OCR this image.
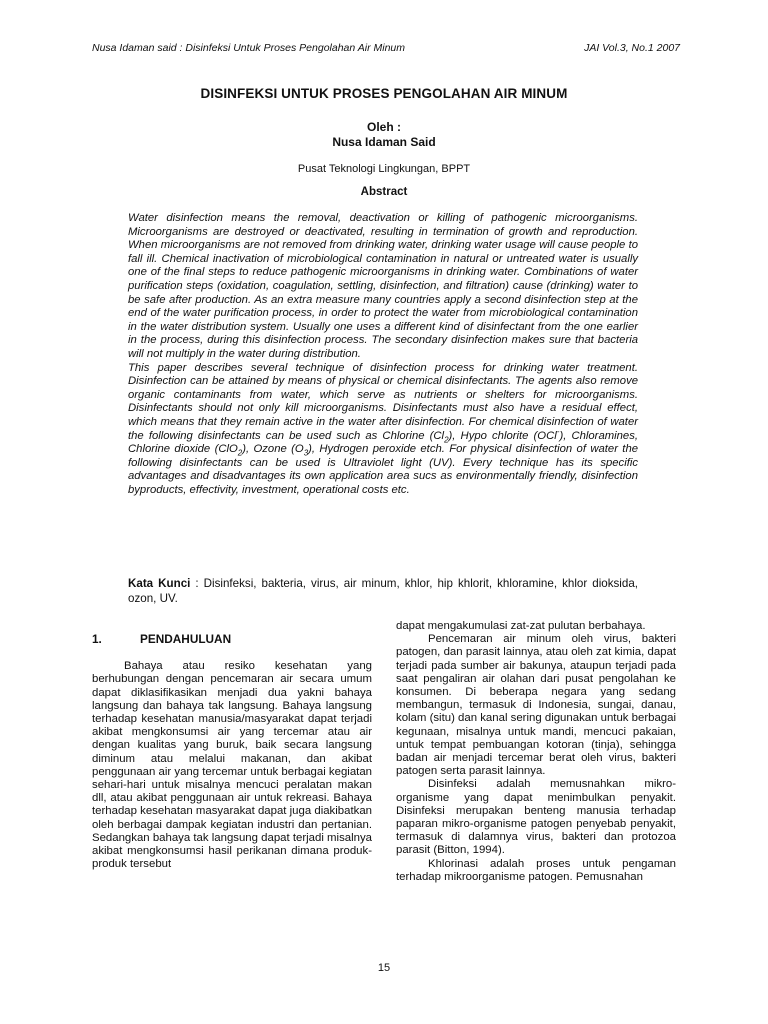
Nusa Idaman said : Disinfeksi Untuk Proses Pengolahan Air Minum	JAI Vol.3, No.1 2007
DISINFEKSI UNTUK PROSES PENGOLAHAN AIR MINUM
Oleh :
Nusa Idaman Said
Pusat Teknologi Lingkungan, BPPT
Abstract

Water disinfection means the removal, deactivation or killing of pathogenic microorganisms. Microorganisms are destroyed or deactivated, resulting in termination of growth and reproduction. When microorganisms are not removed from drinking water, drinking water usage will cause people to fall ill. Chemical inactivation of microbiological contamination in natural or untreated water is usually one of the final steps to reduce pathogenic microorganisms in drinking water. Combinations of water purification steps (oxidation, coagulation, settling, disinfection, and filtration) cause (drinking) water to be safe after production. As an extra measure many countries apply a second disinfection step at the end of the water purification process, in order to protect the water from microbiological contamination in the water distribution system. Usually one uses a different kind of disinfectant from the one earlier in the process, during this disinfection process. The secondary disinfection makes sure that bacteria will not multiply in the water during distribution.

This paper describes several technique of disinfection process for drinking water treatment. Disinfection can be attained by means of physical or chemical disinfectants. The agents also remove organic contaminants from water, which serve as nutrients or shelters for microorganisms. Disinfectants should not only kill microorganisms. Disinfectants must also have a residual effect, which means that they remain active in the water after disinfection. For chemical disinfection of water the following disinfectants can be used such as Chlorine $(Cl_2)$, Hypo chlorite (OCl-), Chloramines, Chlorine dioxide (ClO$_2$), Ozone $(O_3)$, Hydrogen peroxide etch. For physical disinfection of water the following disinfectants can be used is Ultraviolet light (UV). Every technique has its specific advantages and disadvantages its own application area sucs as environmentally friendly, disinfection byproducts, effectivity, investment, operational costs etc.

Kata Kunci : Disinfeksi, bakteria, virus, air minum, khlor, hip khlorit, khloramine, khlor dioksida, ozon, UV.

1.	PENDAHULUAN

Bahaya atau resiko kesehatan yang berhubungan dengan pencemaran air secara umum dapat diklasifikasikan menjadi dua yakni bahaya langsung dan bahaya tak langsung. Bahaya langsung terhadap kesehatan manusia/masyarakat dapat terjadi akibat mengkonsumsi air yang tercemar atau air dengan kualitas yang buruk, baik secara langsung diminum atau melalui makanan, dan akibat penggunaan air yang tercemar untuk berbagai kegiatan sehari-hari untuk misalnya mencuci peralatan makan dll, atau akibat penggunaan air untuk rekreasi. Bahaya terhadap kesehatan masyarakat dapat juga diakibatkan oleh berbagai dampak kegiatan industri dan pertanian. Sedangkan bahaya tak langsung dapat terjadi misalnya akibat mengkonsumsi hasil perikanan dimana produk-produk tersebut

dapat mengakumulasi zat-zat pulutan berbahaya.

Pencemaran air minum oleh virus, bakteri patogen, dan parasit lainnya, atau oleh zat kimia, dapat terjadi pada sumber air bakunya, ataupun terjadi pada saat pengaliran air olahan dari pusat pengolahan ke konsumen. Di beberapa negara yang sedang membangun, termasuk di Indonesia, sungai, danau, kolam (situ) dan kanal sering digunakan untuk berbagai kegunaan, misalnya untuk mandi, mencuci pakaian, untuk tempat pembuangan kotoran (tinja), sehingga badan air menjadi tercemar berat oleh virus, bakteri patogen serta parasit lainnya.

Disinfeksi adalah memusnahkan mikro-organisme yang dapat menimbulkan penyakit. Disinfeksi merupakan benteng manusia terhadap paparan mikro-organisme patogen penyebab penyakit, termasuk di dalamnya virus, bakteri dan protozoa parasit (Bitton, 1994).

Khlorinasi adalah proses untuk pengaman terhadap mikroorganisme patogen. Pemusnahan

15
